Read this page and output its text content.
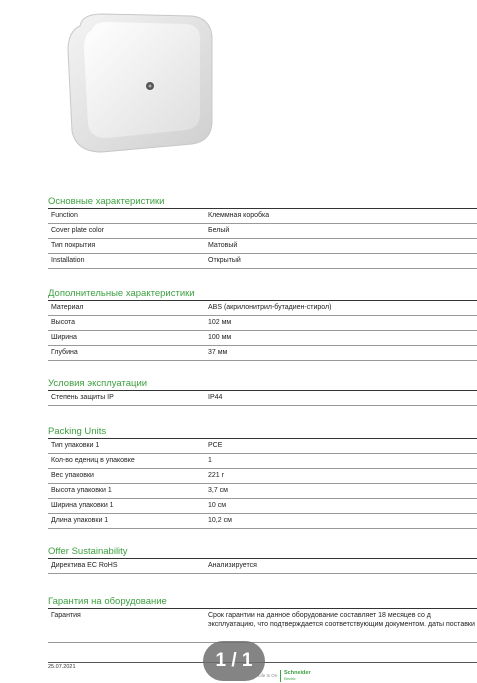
Основные характеристики
Function	Клеммная коробка
Cover plate color	Белый
Тип покрытия	Матовый
Installation	Открытый
Дополнительные характеристики
Материал	ABS (акрилонитрил-бутадиен-стирол)
Высота	102 мм
Ширина	100 мм
Глубина	37 мм
Условия эксплуатации
Степень защиты IP	IP44
Packing Units
Тип упаковки 1	PCE
Кол-во едениц в упаковке	1
Вес упаковки	221 г
Высота упаковки 1	3,7 см
Ширина упаковки 1	10 см
Длина упаковки 1	10,2 см
Offer Sustainability
Директива EC RoHS	Анализируется
Гарантия на оборудование
Гарантия	Срок гарантии на данное оборудование составляет 18 месяцев со д эксплуатацию, что подтверждается соответствующим документом. даты поставки
25.07.2021
Life Is On	Schneider
Electric
1 / 1
